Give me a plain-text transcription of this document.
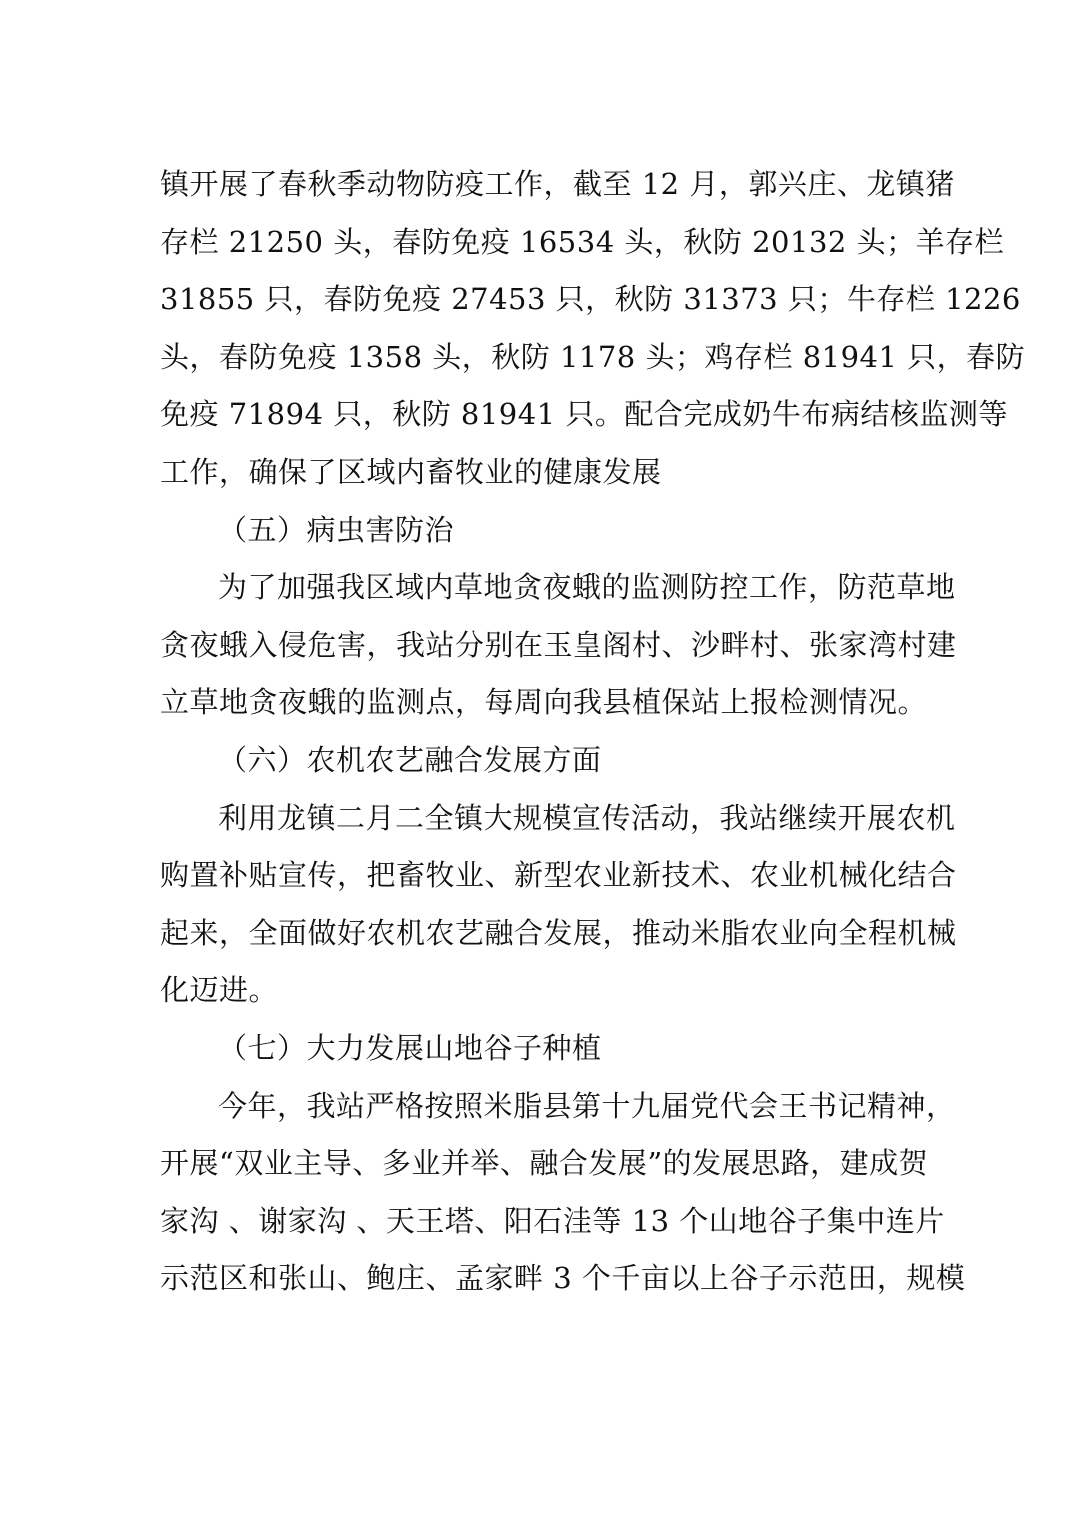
镇开展了春秋季动物防疫工作，截至 12 月，郭兴庄、龙镇猪
存栏 21250 头，春防免疫 16534 头，秋防 20132 头；羊存栏
31855 只，春防免疫 27453 只，秋防 31373 只；牛存栏 1226
头，春防免疫 1358 头，秋防 1178 头；鸡存栏 81941 只，春防
免疫 71894 只，秋防 81941 只。配合完成奶牛布病结核监测等
工作，确保了区域内畜牧业的健康发展
（五）病虫害防治
为了加强我区域内草地贪夜蛾的监测防控工作，防范草地
贪夜蛾入侵危害，我站分别在玉皇阁村、沙畔村、张家湾村建
立草地贪夜蛾的监测点，每周向我县植保站上报检测情况。
（六）农机农艺融合发展方面
利用龙镇二月二全镇大规模宣传活动，我站继续开展农机
购置补贴宣传，把畜牧业、新型农业新技术、农业机械化结合
起来，全面做好农机农艺融合发展，推动米脂农业向全程机械
化迈进。
（七）大力发展山地谷子种植
今年，我站严格按照米脂县第十九届党代会王书记精神，
开展“双业主导、多业并举、融合发展”的发展思路，建成贺
家沟 、谢家沟 、天王塔、阳石洼等 13 个山地谷子集中连片
示范区和张山、鲍庄、孟家畔 3 个千亩以上谷子示范田，规模
